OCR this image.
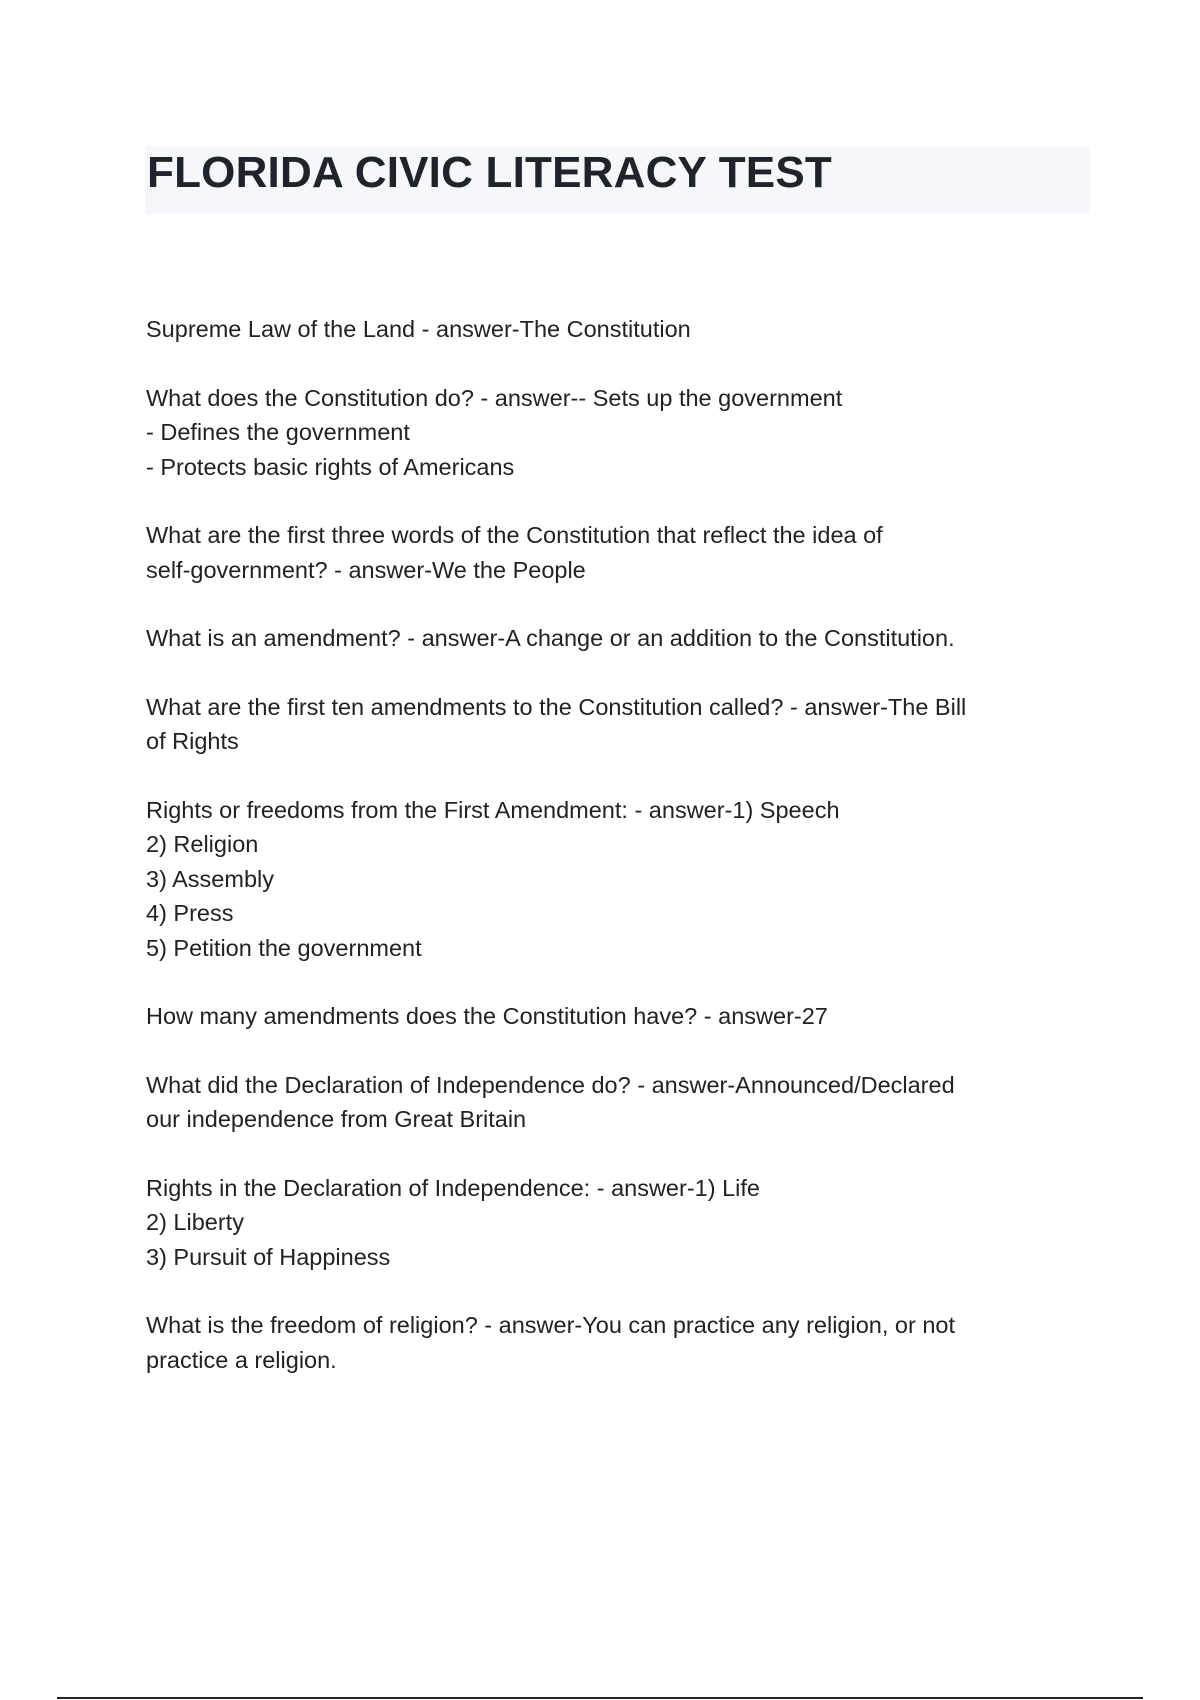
FLORIDA CIVIC LITERACY TEST

Supreme Law of the Land - answer-The Constitution

What does the Constitution do? - answer-- Sets up the government
- Defines the government
- Protects basic rights of Americans

What are the first three words of the Constitution that reflect the idea of
self-government? - answer-We the People

What is an amendment? - answer-A change or an addition to the Constitution.

What are the first ten amendments to the Constitution called? - answer-The Bill
of Rights

Rights or freedoms from the First Amendment: - answer-1) Speech
2) Religion
3) Assembly
4) Press
5) Petition the government

How many amendments does the Constitution have? - answer-27

What did the Declaration of Independence do? - answer-Announced/Declared
our independence from Great Britain

Rights in the Declaration of Independence: - answer-1) Life
2) Liberty
3) Pursuit of Happiness

What is the freedom of religion? - answer-You can practice any religion, or not
practice a religion.
